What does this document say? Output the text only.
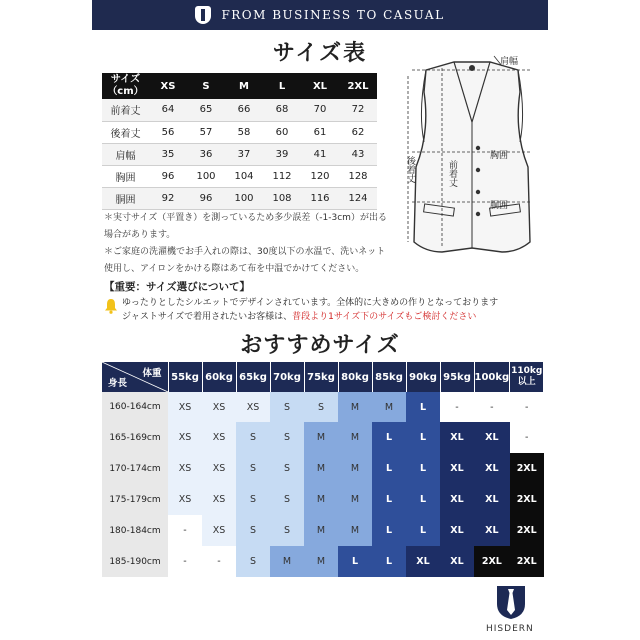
FROM BUSINESS TO CASUAL
サイズ表
サイズ
（cm）	XS	S	M	L	XL	2XL
前着丈	64	65	66	68	70	72
後着丈	56	57	58	60	61	62
肩幅	35	36	37	39	41	43
胸囲	96	100	104	112	120	128
胴囲	92	96	100	108	116	124
肩幅
後着丈	前着丈
胸囲
胴囲
＊実寸サイズ（平置き）を測っているため多少誤差（-1-3cm）が出る
場合があります。
＊ご家庭の洗濯機でお手入れの際は、30度以下の水温で、洗いネット
使用し、アイロンをかける際はあて布を中温でかけてください。
【重要：サイズ選びについて】
ゆったりとしたシルエットでデザインされています。全体的に大きめの作りとなっております
ジャストサイズで着用されたいお客様は、普段より1サイズ下のサイズもご検討ください
おすすめサイズ
体重
身長	55kg	60kg	65kg	70kg	75kg	80kg	85kg	90kg	95kg	100kg	110kg以上
160-164cm	XS	XS	XS	S	S	M	M	L	-	-	-
165-169cm	XS	XS	S	S	M	M	L	L	XL	XL	-
170-174cm	XS	XS	S	S	M	M	L	L	XL	XL	2XL
175-179cm	XS	XS	S	S	M	M	L	L	XL	XL	2XL
180-184cm	-	XS	S	S	M	M	L	L	XL	XL	2XL
185-190cm	-	-	S	M	M	L	L	XL	XL	2XL	2XL
HISDERN
